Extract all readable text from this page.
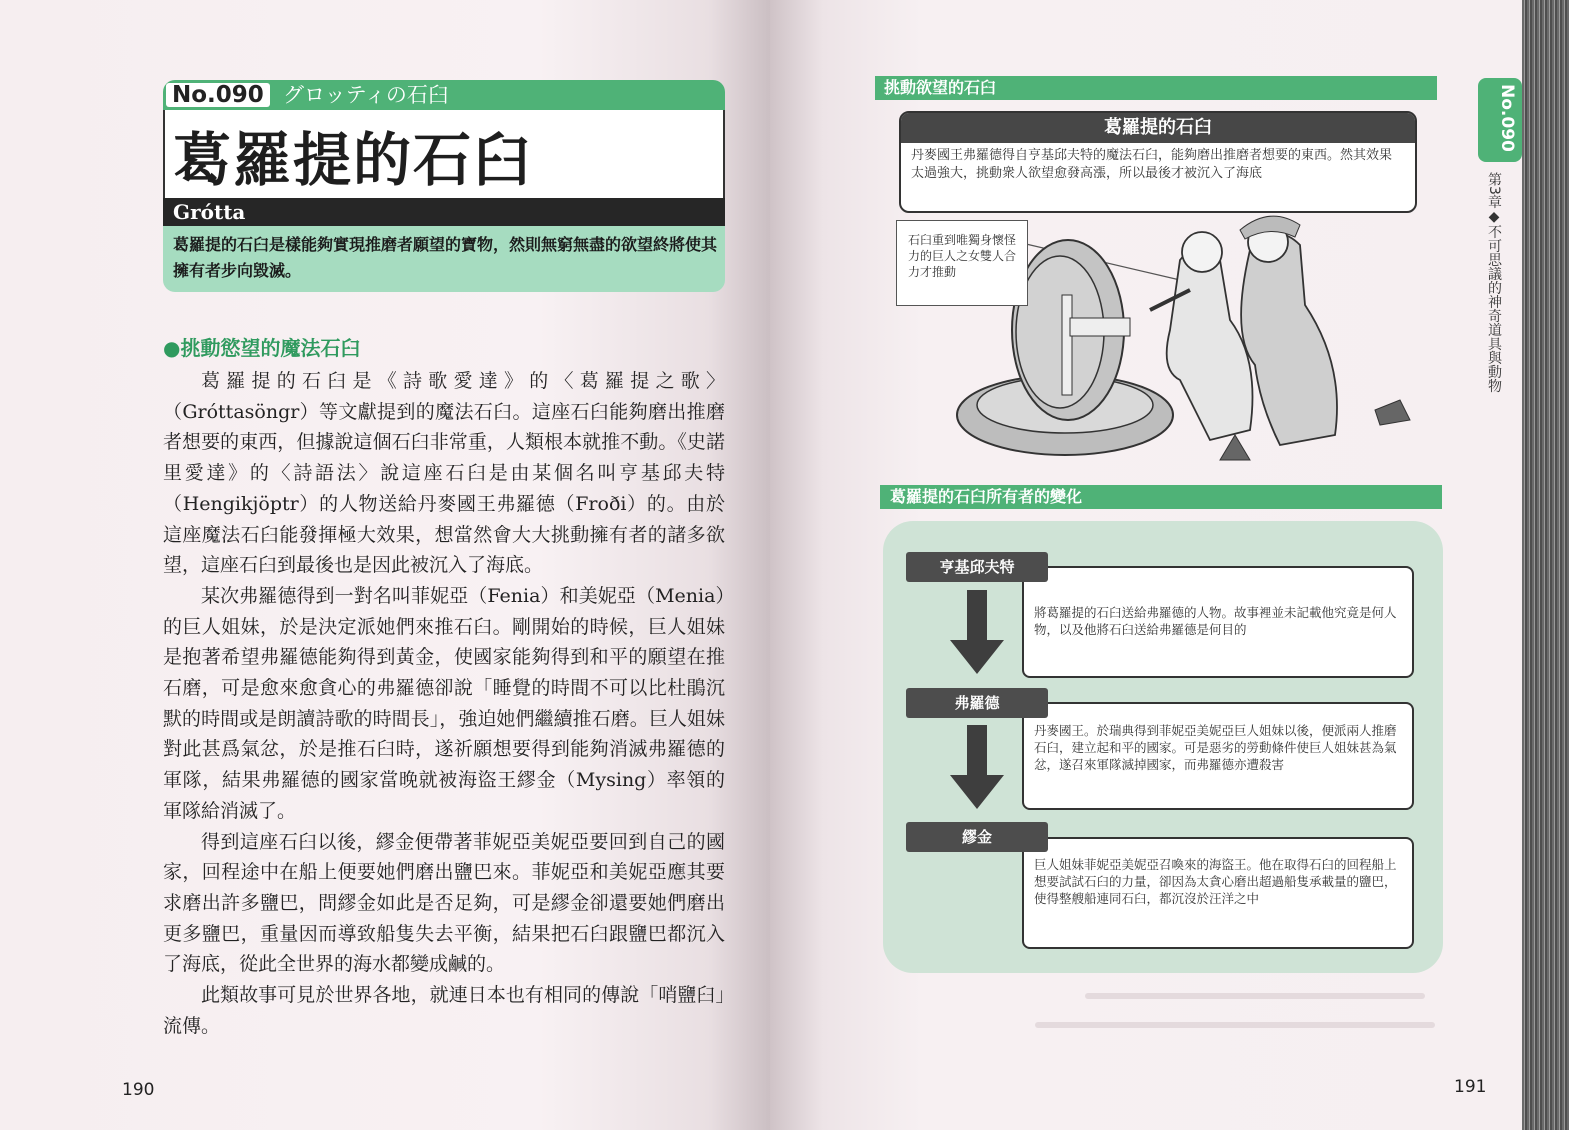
No.090 グロッティの石臼
葛羅提的石臼
Grótta
葛羅提的石臼是樣能夠實現推磨者願望的寶物，然則無窮無盡的欲望終將使其擁有者步向毀滅。
●挑動慾望的魔法石臼

葛羅提的石臼是《詩歌愛達》的〈葛羅提之歌〉（Gróttasöngr）等文獻提到的魔法石臼。這座石臼能夠磨出推磨者想要的東西，但據說這個石臼非常重，人類根本就推不動。《史諾里愛達》的〈詩語法〉說這座石臼是由某個名叫亨基邱夫特（Hengikjöptr）的人物送給丹麥國王弗羅德（Froði）的。由於這座魔法石臼能發揮極大效果，想當然會大大挑動擁有者的諸多欲望，這座石臼到最後也是因此被沉入了海底。

某次弗羅德得到一對名叫菲妮亞（Fenia）和美妮亞（Menia）的巨人姐妹，於是決定派她們來推石臼。剛開始的時候，巨人姐妹是抱著希望弗羅德能夠得到黃金，使國家能夠得到和平的願望在推石磨，可是愈來愈貪心的弗羅德卻說「睡覺的時間不可以比杜鵑沉默的時間或是朗讀詩歌的時間長」，強迫她們繼續推石磨。巨人姐妹對此甚爲氣忿，於是推石臼時，遂祈願想要得到能夠消滅弗羅德的軍隊，結果弗羅德的國家當晚就被海盜王繆金（Mysing）率領的軍隊給消滅了。

得到這座石臼以後，繆金便帶著菲妮亞美妮亞要回到自己的國家，回程途中在船上便要她們磨出鹽巴來。菲妮亞和美妮亞應其要求磨出許多鹽巴，問繆金如此是否足夠，可是繆金卻還要她們磨出更多鹽巴，重量因而導致船隻失去平衡，結果把石臼跟鹽巴都沉入了海底，從此全世界的海水都變成鹹的。

此類故事可見於世界各地，就連日本也有相同的傳說「哨鹽臼」流傳。

190
挑動欲望的石臼
葛羅提的石臼
丹麥國王弗羅德得自亨基邱夫特的魔法石臼，能夠磨出推磨者想要的東西。然其效果太過強大，挑動衆人欲望愈發高漲，所以最後才被沉入了海底
石臼重到唯獨身懷怪力的巨人之女雙人合力才推動
葛羅提的石臼所有者的變化
將葛羅提的石臼送給弗羅德的人物。故事裡並未記載他究竟是何人物，以及他將石臼送給弗羅德是何目的
亨基邱夫特
丹麥國王。於瑞典得到菲妮亞美妮亞巨人姐妹以後，便派兩人推磨石臼，建立起和平的國家。可是惡劣的勞動條件使巨人姐妹甚為氣忿，遂召來軍隊滅掉國家，而弗羅德亦遭殺害
弗羅德
巨人姐妹菲妮亞美妮亞召喚來的海盜王。他在取得石臼的回程船上想要試試石臼的力量，卻因為太貪心磨出超過船隻承載量的鹽巴，使得整艘船連同石臼，都沉沒於汪洋之中
繆金
No.090
第3章◆不可思議的神奇道具與動物
191
